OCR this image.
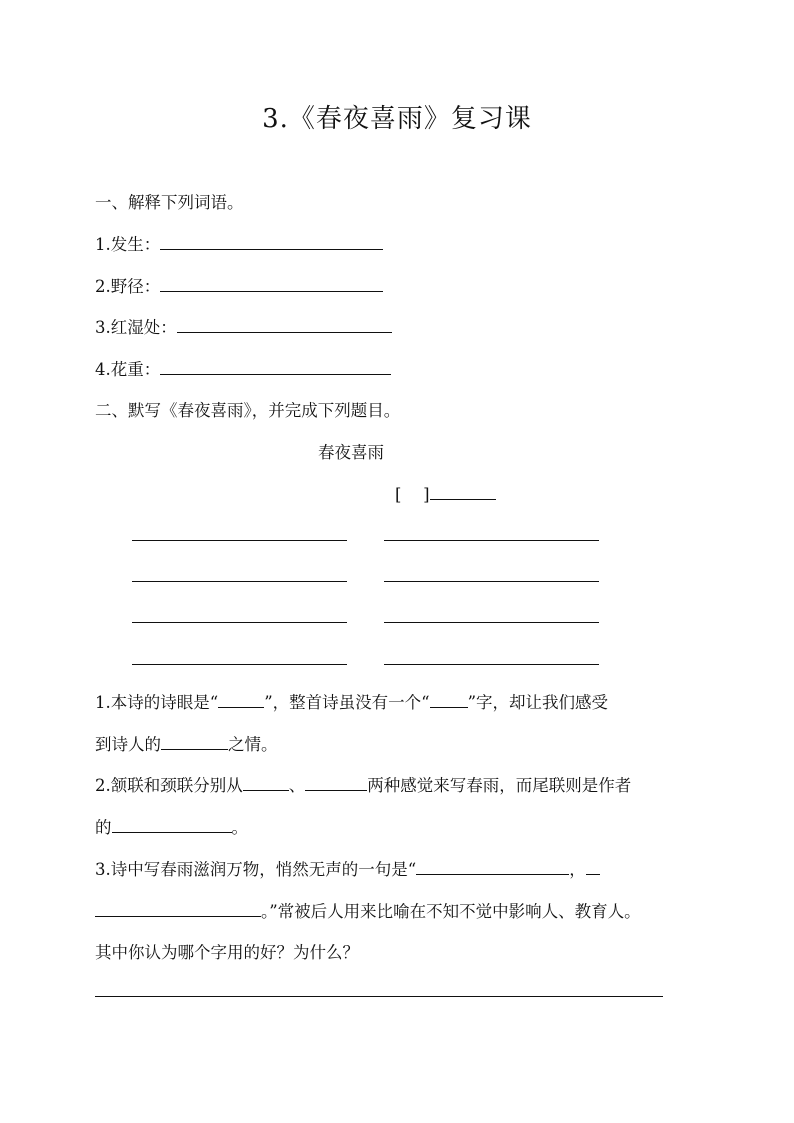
3.《春夜喜雨》复习课
一、解释下列词语。
1.发生：
2.野径：
3.红湿处：
4.花重：
二、默写《春夜喜雨》，并完成下列题目。
春夜喜雨
[　 ]
1.本诗的诗眼是“	”，整首诗虽没有一个“ ”字，却让我们感受
到诗人的	之情。
2.颔联和颈联分别从	、	两种感觉来写春雨，而尾联则是作者
的	。
3.诗中写春雨滋润万物，悄然无声的一句是“	，
。”常被后人用来比喻在不知不觉中影响人、教育人。
其中你认为哪个字用的好？为什么？
